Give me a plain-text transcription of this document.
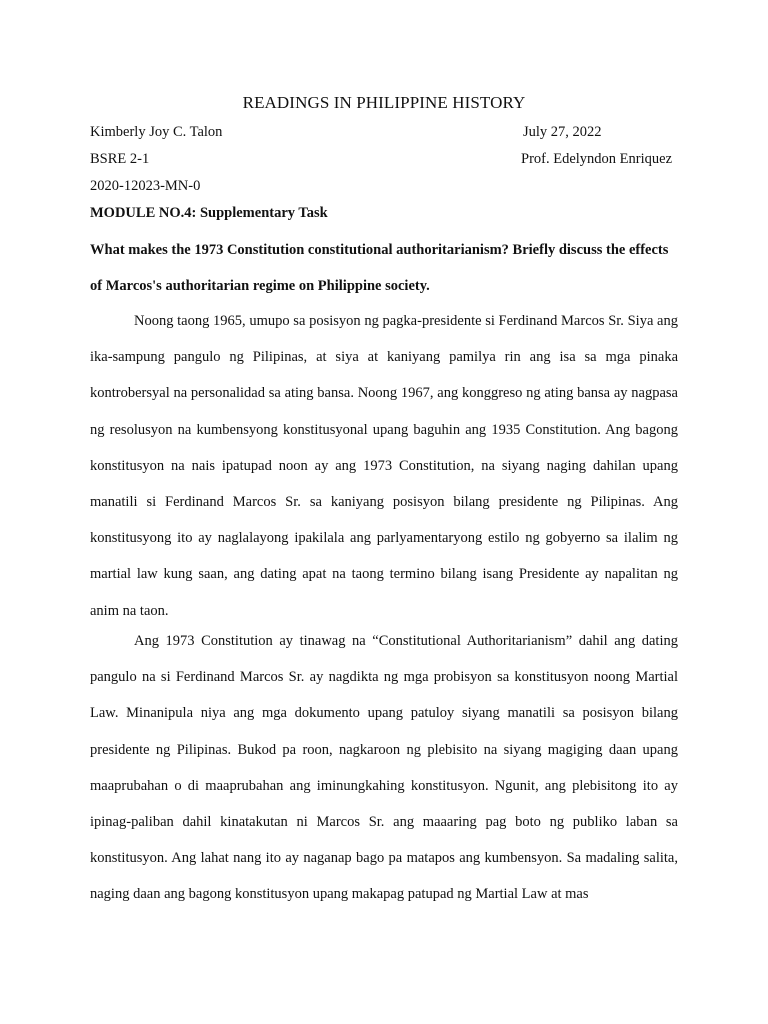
READINGS IN PHILIPPINE HISTORY
Kimberly Joy C. Talon	July 27, 2022
BSRE 2-1	Prof. Edelyndon Enriquez
2020-12023-MN-0
MODULE NO.4: Supplementary Task
What makes the 1973 Constitution constitutional authoritarianism? Briefly discuss the effects of Marcos's authoritarian regime on Philippine society.

Noong taong 1965, umupo sa posisyon ng pagka-presidente si Ferdinand Marcos Sr. Siya ang ika-sampung pangulo ng Pilipinas, at siya at kaniyang pamilya rin ang isa sa mga pinaka kontrobersyal na personalidad sa ating bansa. Noong 1967, ang konggreso ng ating bansa ay nagpasa ng resolusyon na kumbensyong konstitusyonal upang baguhin ang 1935 Constitution. Ang bagong konstitusyon na nais ipatupad noon ay ang 1973 Constitution, na siyang naging dahilan upang manatili si Ferdinand Marcos Sr. sa kaniyang posisyon bilang presidente ng Pilipinas. Ang konstitusyong ito ay naglalayong ipakilala ang parlyamentaryong estilo ng gobyerno sa ilalim ng martial law kung saan, ang dating apat na taong termino bilang isang Presidente ay napalitan ng anim na taon.

Ang 1973 Constitution ay tinawag na “Constitutional Authoritarianism” dahil ang dating pangulo na si Ferdinand Marcos Sr. ay nagdikta ng mga probisyon sa konstitusyon noong Martial Law. Minanipula niya ang mga dokumento upang patuloy siyang manatili sa posisyon bilang presidente ng Pilipinas. Bukod pa roon, nagkaroon ng plebisito na siyang magiging daan upang maaprubahan o di maaprubahan ang iminungkahing konstitusyon. Ngunit, ang plebisitong ito ay ipinag-paliban dahil kinatakutan ni Marcos Sr. ang maaaring pag boto ng publiko laban sa konstitusyon. Ang lahat nang ito ay naganap bago pa matapos ang kumbensyon. Sa madaling salita, naging daan ang bagong konstitusyon upang makapag patupad ng Martial Law at mas
